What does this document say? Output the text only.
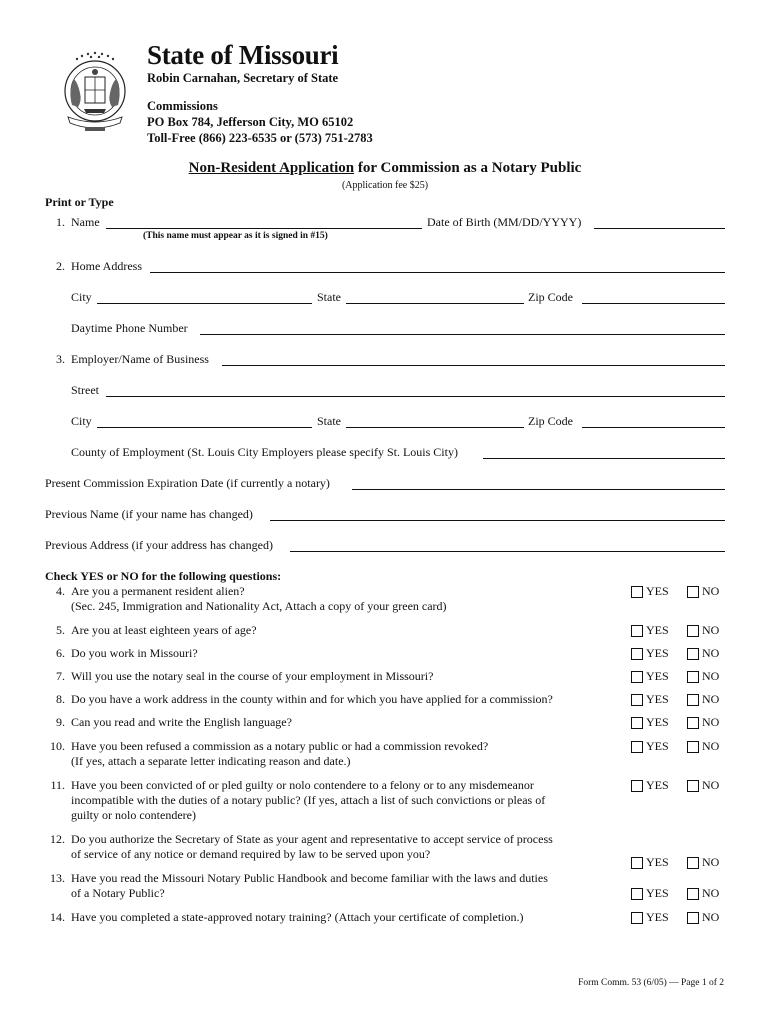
State of Missouri
Robin Carnahan, Secretary of State
Commissions
PO Box 784, Jefferson City, MO 65102
Toll-Free (866) 223-6535 or (573) 751-2783
Non-Resident Application for Commission as a Notary Public
(Application fee $25)
Print or Type
1. Name	Date of Birth (MM/DD/YYYY)
(This name must appear as it is signed in #15)
2. Home Address
City	State	Zip Code
Daytime Phone Number
3. Employer/Name of Business
Street
City	State	Zip Code
County of Employment (St. Louis City Employers please specify St. Louis City)
Present Commission Expiration Date (if currently a notary)
Previous Name (if your name has changed)
Previous Address (if your address has changed)
Check YES or NO for the following questions:
4. Are you a permanent resident alien?
(Sec. 245, Immigration and Nationality Act, Attach a copy of your green card)
YES	NO
5. Are you at least eighteen years of age?	YES	NO
6. Do you work in Missouri?	YES	NO
7. Will you use the notary seal in the course of your employment in Missouri?	YES	NO
8. Do you have a work address in the county within and for which you have applied for a commission?	YES	NO
9. Can you read and write the English language?	YES	NO
10. Have you been refused a commission as a notary public or had a commission revoked?
(If yes, attach a separate letter indicating reason and date.)
YES	NO
11. Have you been convicted of or pled guilty or nolo contendere to a felony or to any misdemeanor
incompatible with the duties of a notary public? (If yes, attach a list of such convictions or pleas of
guilty or nolo contendere)
YES	NO
12. Do you authorize the Secretary of State as your agent and representative to accept service of process
of service of any notice or demand required by law to be served upon you?
YES	NO
13. Have you read the Missouri Notary Public Handbook and become familiar with the laws and duties
of a Notary Public?	YES	NO
14. Have you completed a state-approved notary training? (Attach your certificate of completion.)	YES	NO
Form Comm. 53 (6/05) — Page 1 of 2
